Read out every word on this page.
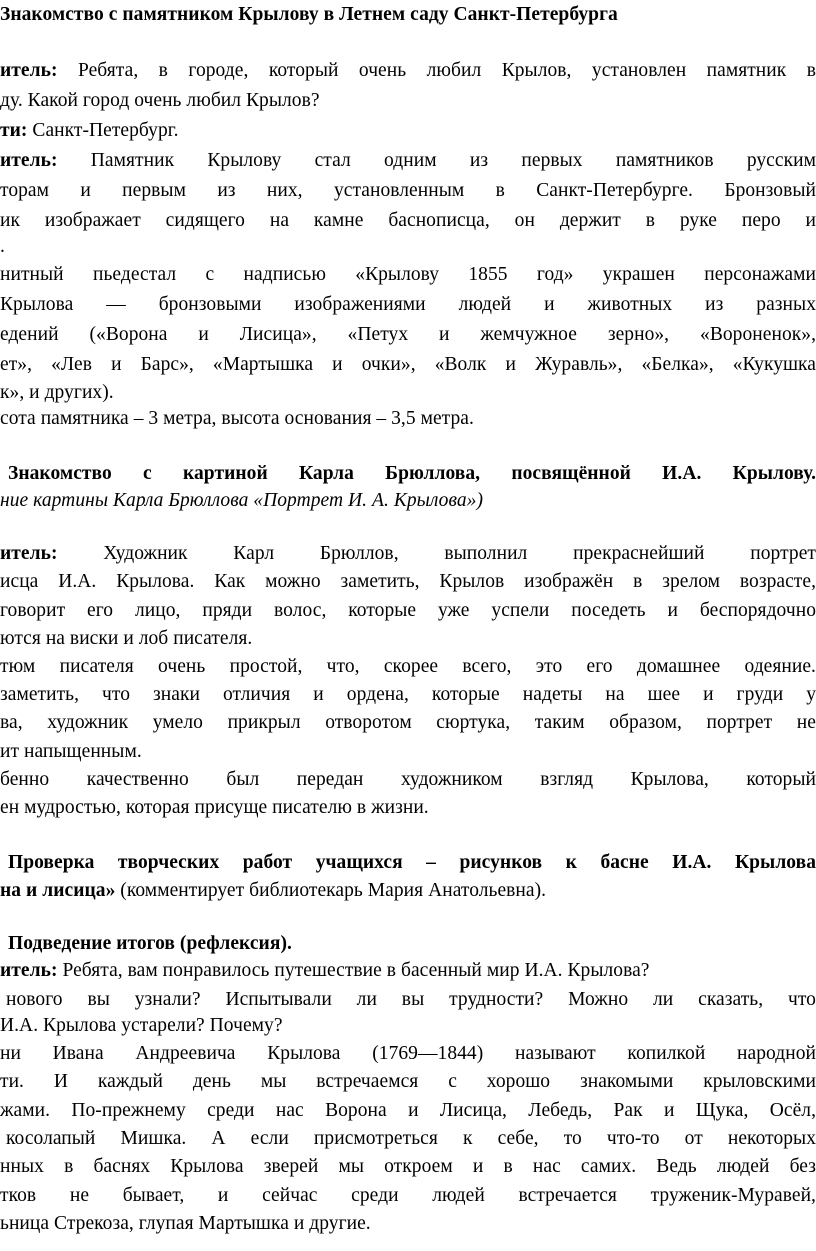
Знакомство с памятником Крылову в Летнем саду Санкт-Петербурга

итель: Ребята, в городе, который очень любил Крылов, установлен памятник в

ду. Какой город очень любил Крылов?

ти: Санкт-Петербург.

итель: Памятник Крылову стал одним из первых памятников русским

торам и первым из них, установленным в Санкт-Петербурге. Бронзовый

ик изображает сидящего на камне баснописца, он держит в руке перо и

.

нитный пьедестал с надписью «Крылову 1855 год» украшен персонажами

Крылова — бронзовыми изображениями людей и животных из разных

едений («Ворона и Лисица», «Петух и жемчужное зерно», «Вороненок»,

ет», «Лев и Барс», «Мартышка и очки», «Волк и Журавль», «Белка», «Кукушка

к», и других).

сота памятника – 3 метра, высота основания – 3,5 метра.

Знакомство с картиной Карла Брюллова, посвящённой И.А. Крылову.

ние картины Карла Брюллова «Портрет И. А. Крылова»)

итель: Художник Карл Брюллов, выполнил прекраснейший портрет

исца И.А. Крылова. Как можно заметить, Крылов изображён в зрелом возрасте,

говорит его лицо, пряди волос, которые уже успели поседеть и беспорядочно

ются на виски и лоб писателя.

тюм писателя очень простой, что, скорее всего, это его домашнее одеяние.

заметить, что знаки отличия и ордена, которые надеты на шее и груди у

ва, художник умело прикрыл отворотом сюртука, таким образом, портрет не

ит напыщенным.

бенно качественно был передан художником взгляд Крылова, который

ен мудростью, которая присуще писателю в жизни.

Проверка творческих работ учащихся – рисунков к басне И.А. Крылова

на и лисица» (комментирует библиотекарь Мария Анатольевна).

Подведение итогов (рефлексия).

итель: Ребята, вам понравилось путешествие в басенный мир И.А. Крылова?

нового вы узнали? Испытывали ли вы трудности? Можно ли сказать, что

И.А. Крылова устарели? Почему?

ни Ивана Андреевича Крылова (1769—1844) называют копилкой народной

ти. И каждый день мы встречаемся с хорошо знакомыми крыловскими

жами. По-прежнему среди нас Ворона и Лисица, Лебедь, Рак и Щука, Осёл,

косолапый Мишка. А если присмотреться к себе, то что-то от некоторых

нных в баснях Крылова зверей мы откроем и в нас самих. Ведь людей без

тков не бывает, и сейчас среди людей встречается труженик-Муравей,

ьница Стрекоза, глупая Мартышка и другие.
